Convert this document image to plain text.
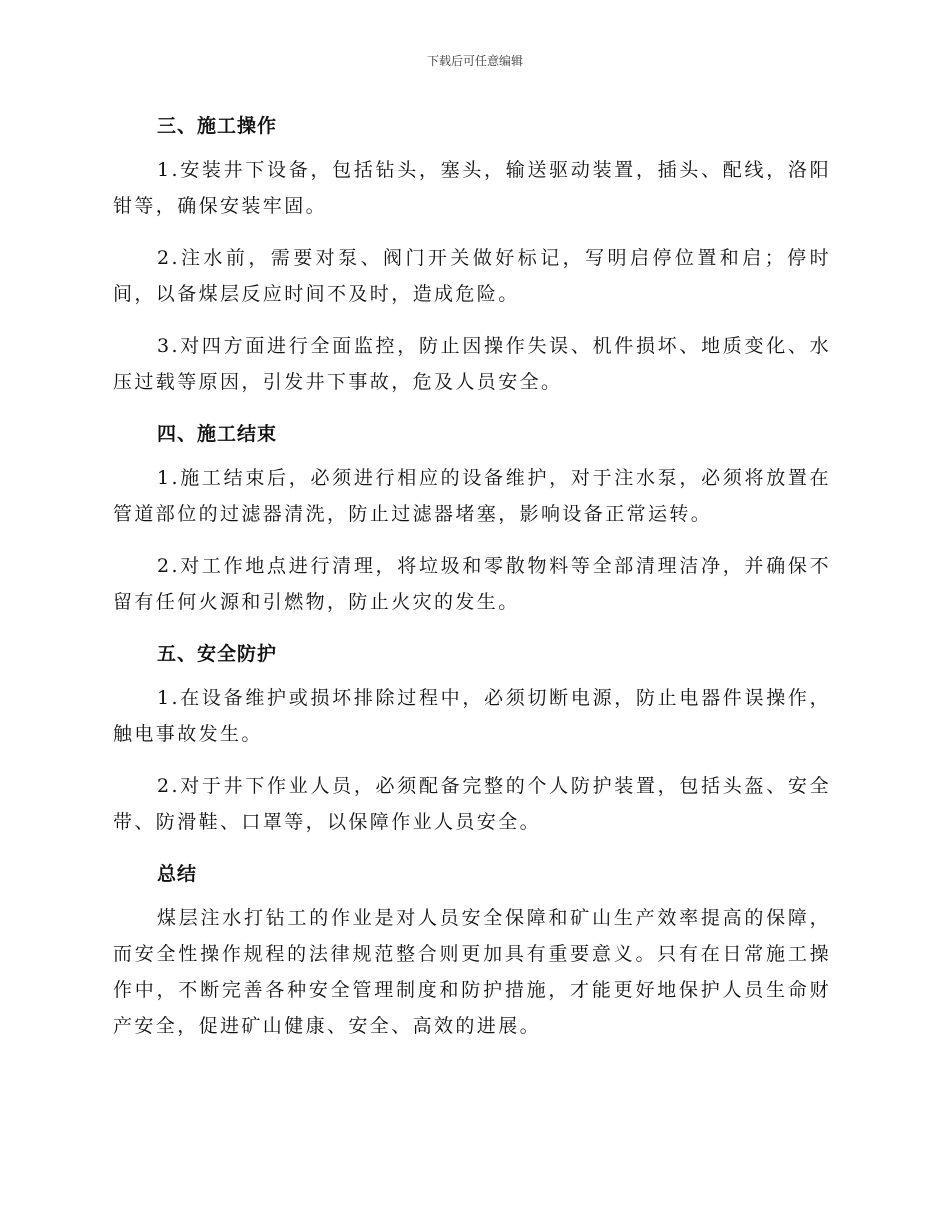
下载后可任意编辑
三、施工操作

1.安装井下设备，包括钻头，塞头，输送驱动装置，插头、配线，洛阳钳等，确保安装牢固。

2.注水前，需要对泵、阀门开关做好标记，写明启停位置和启；停时间，以备煤层反应时间不及时，造成危险。

3.对四方面进行全面监控，防止因操作失误、机件损坏、地质变化、水压过载等原因，引发井下事故，危及人员安全。

四、施工结束

1.施工结束后，必须进行相应的设备维护，对于注水泵，必须将放置在管道部位的过滤器清洗，防止过滤器堵塞，影响设备正常运转。

2.对工作地点进行清理，将垃圾和零散物料等全部清理洁净，并确保不留有任何火源和引燃物，防止火灾的发生。

五、安全防护

1.在设备维护或损坏排除过程中，必须切断电源，防止电器件误操作，触电事故发生。

2.对于井下作业人员，必须配备完整的个人防护装置，包括头盔、安全带、防滑鞋、口罩等，以保障作业人员安全。

总结

煤层注水打钻工的作业是对人员安全保障和矿山生产效率提高的保障，而安全性操作规程的法律规范整合则更加具有重要意义。只有在日常施工操作中，不断完善各种安全管理制度和防护措施，才能更好地保护人员生命财产安全，促进矿山健康、安全、高效的进展。
